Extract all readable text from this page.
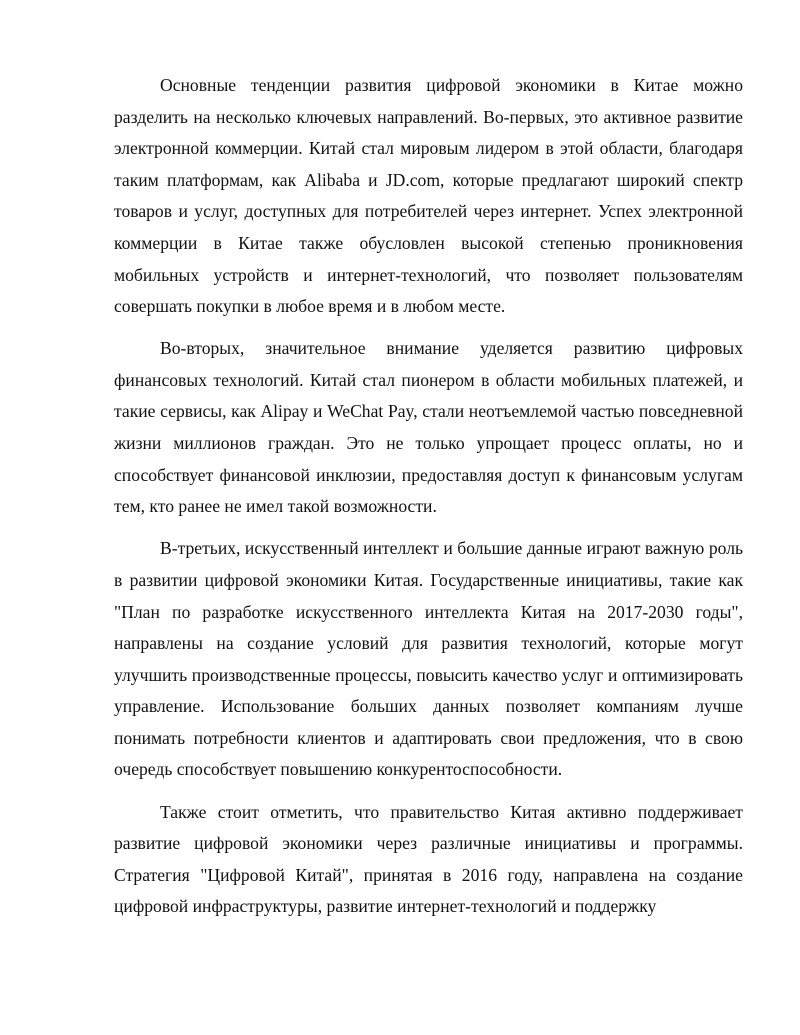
Основные тенденции развития цифровой экономики в Китае можно разделить на несколько ключевых направлений. Во-первых, это активное развитие электронной коммерции. Китай стал мировым лидером в этой области, благодаря таким платформам, как Alibaba и JD.com, которые предлагают широкий спектр товаров и услуг, доступных для потребителей через интернет. Успех электронной коммерции в Китае также обусловлен высокой степенью проникновения мобильных устройств и интернет-технологий, что позволяет пользователям совершать покупки в любое время и в любом месте.

Во-вторых, значительное внимание уделяется развитию цифровых финансовых технологий. Китай стал пионером в области мобильных платежей, и такие сервисы, как Alipay и WeChat Pay, стали неотъемлемой частью повседневной жизни миллионов граждан. Это не только упрощает процесс оплаты, но и способствует финансовой инклюзии, предоставляя доступ к финансовым услугам тем, кто ранее не имел такой возможности.

В-третьих, искусственный интеллект и большие данные играют важную роль в развитии цифровой экономики Китая. Государственные инициативы, такие как "План по разработке искусственного интеллекта Китая на 2017-2030 годы", направлены на создание условий для развития технологий, которые могут улучшить производственные процессы, повысить качество услуг и оптимизировать управление. Использование больших данных позволяет компаниям лучше понимать потребности клиентов и адаптировать свои предложения, что в свою очередь способствует повышению конкурентоспособности.

Также стоит отметить, что правительство Китая активно поддерживает развитие цифровой экономики через различные инициативы и программы. Стратегия "Цифровой Китай", принятая в 2016 году, направлена на создание цифровой инфраструктуры, развитие интернет-технологий и поддержку
